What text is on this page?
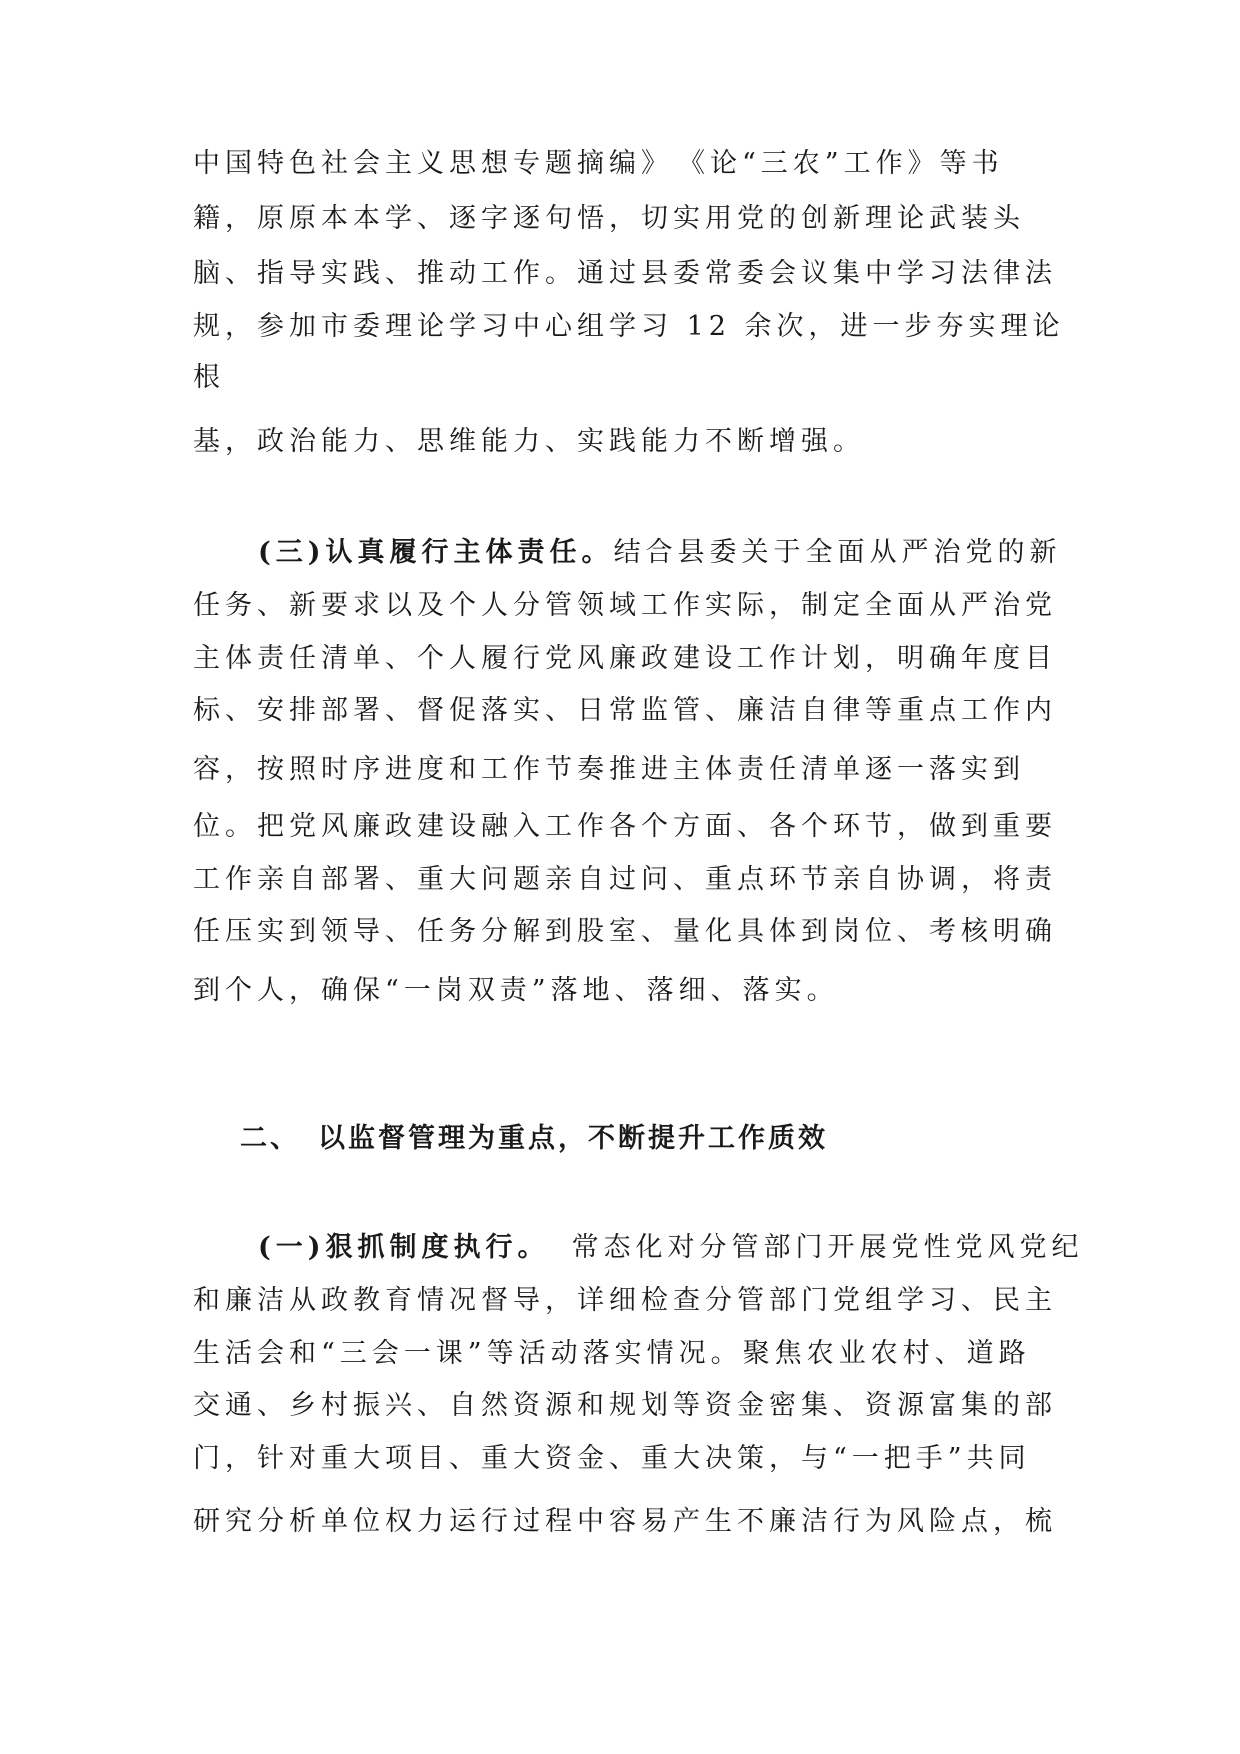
中国特色社会主义思想专题摘编》　《论“三农”工作》等书
籍，原原本本学、逐字逐句悟，切实用党的创新理论武装头
脑、指导实践、推动工作。通过县委常委会议集中学习法律法
规，参加市委理论学习中心组学习 12 余次，进一步夯实理论
根
基，政治能力、思维能力、实践能力不断增强。
(三)认真履行主体责任。结合县委关于全面从严治党的新
任务、新要求以及个人分管领域工作实际，制定全面从严治党
主体责任清单、个人履行党风廉政建设工作计划，明确年度目
标、安排部署、督促落实、日常监管、廉洁自律等重点工作内
容，按照时序进度和工作节奏推进主体责任清单逐一落实到
位。把党风廉政建设融入工作各个方面、各个环节，做到重要
工作亲自部署、重大问题亲自过问、重点环节亲自协调，将责
任压实到领导、任务分解到股室、量化具体到岗位、考核明确
到个人，确保“一岗双责”落地、落细、落实。
二、 以监督管理为重点，不断提升工作质效
(一)狠抓制度执行。 常态化对分管部门开展党性党风党纪
和廉洁从政教育情况督导，详细检查分管部门党组学习、民主
生活会和“三会一课”等活动落实情况。聚焦农业农村、道路
交通、乡村振兴、自然资源和规划等资金密集、资源富集的部
门，针对重大项目、重大资金、重大决策，与“一把手”共同
研究分析单位权力运行过程中容易产生不廉洁行为风险点，梳
